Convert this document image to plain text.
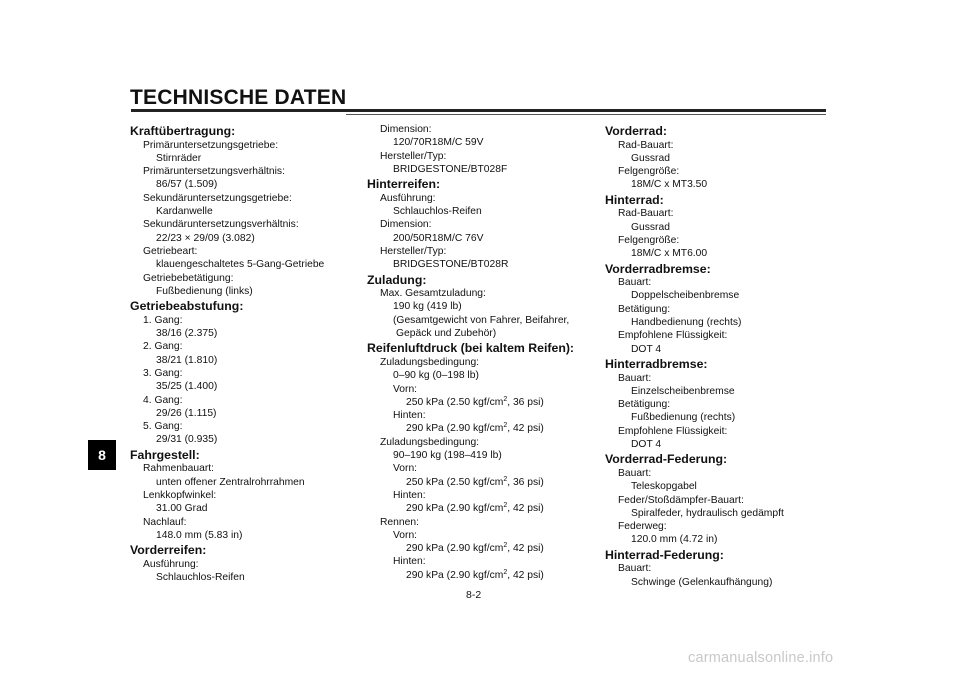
TECHNISCHE DATEN
8
Kraftübertragung:
Primäruntersetzungsgetriebe:
Stirnräder
Primäruntersetzungsverhältnis:
86/57 (1.509)
Sekundäruntersetzungsgetriebe:
Kardanwelle
Sekundäruntersetzungsverhältnis:
22/23 × 29/09 (3.082)
Getriebeart:
klauengeschaltetes 5-Gang-Getriebe
Getriebebetätigung:
Fußbedienung (links)
Getriebeabstufung:
1. Gang:
38/16 (2.375)
2. Gang:
38/21 (1.810)
3. Gang:
35/25 (1.400)
4. Gang:
29/26 (1.115)
5. Gang:
29/31 (0.935)
Fahrgestell:
Rahmenbauart:
unten offener Zentralrohrrahmen
Lenkkopfwinkel:
31.00 Grad
Nachlauf:
148.0 mm (5.83 in)
Vorderreifen:
Ausführung:
Schlauchlos-Reifen
Dimension:
120/70R18M/C 59V
Hersteller/Typ:
BRIDGESTONE/BT028F
Hinterreifen:
Ausführung:
Schlauchlos-Reifen
Dimension:
200/50R18M/C 76V
Hersteller/Typ:
BRIDGESTONE/BT028R
Zuladung:
Max. Gesamtzuladung:
190 kg (419 lb)
(Gesamtgewicht von Fahrer, Beifahrer,
Gepäck und Zubehör)
Reifenluftdruck (bei kaltem Reifen):
Zuladungsbedingung:
0–90 kg (0–198 lb)
Vorn:
250 kPa (2.50 kgf/$cm^2$, 36 psi)
Hinten:
290 kPa (2.90 kgf/$cm^2$, 42 psi)
Zuladungsbedingung:
90–190 kg (198–419 lb)
Vorn:
250 kPa (2.50 kgf/$cm^2$, 36 psi)
Hinten:
290 kPa (2.90 kgf/$cm^2$, 42 psi)
Rennen:
Vorn:
290 kPa (2.90 kgf/$cm^2$, 42 psi)
Hinten:
290 kPa (2.90 kgf/$cm^2$, 42 psi)
Vorderrad:
Rad-Bauart:
Gussrad
Felgengröße:
18M/C x MT3.50
Hinterrad:
Rad-Bauart:
Gussrad
Felgengröße:
18M/C x MT6.00
Vorderradbremse:
Bauart:
Doppelscheibenbremse
Betätigung:
Handbedienung (rechts)
Empfohlene Flüssigkeit:
DOT 4
Hinterradbremse:
Bauart:
Einzelscheibenbremse
Betätigung:
Fußbedienung (rechts)
Empfohlene Flüssigkeit:
DOT 4
Vorderrad-Federung:
Bauart:
Teleskopgabel
Feder/Stoßdämpfer-Bauart:
Spiralfeder, hydraulisch gedämpft
Federweg:
120.0 mm (4.72 in)
Hinterrad-Federung:
Bauart:
Schwinge (Gelenkaufhängung)
8-2
carmanualsonline.info
